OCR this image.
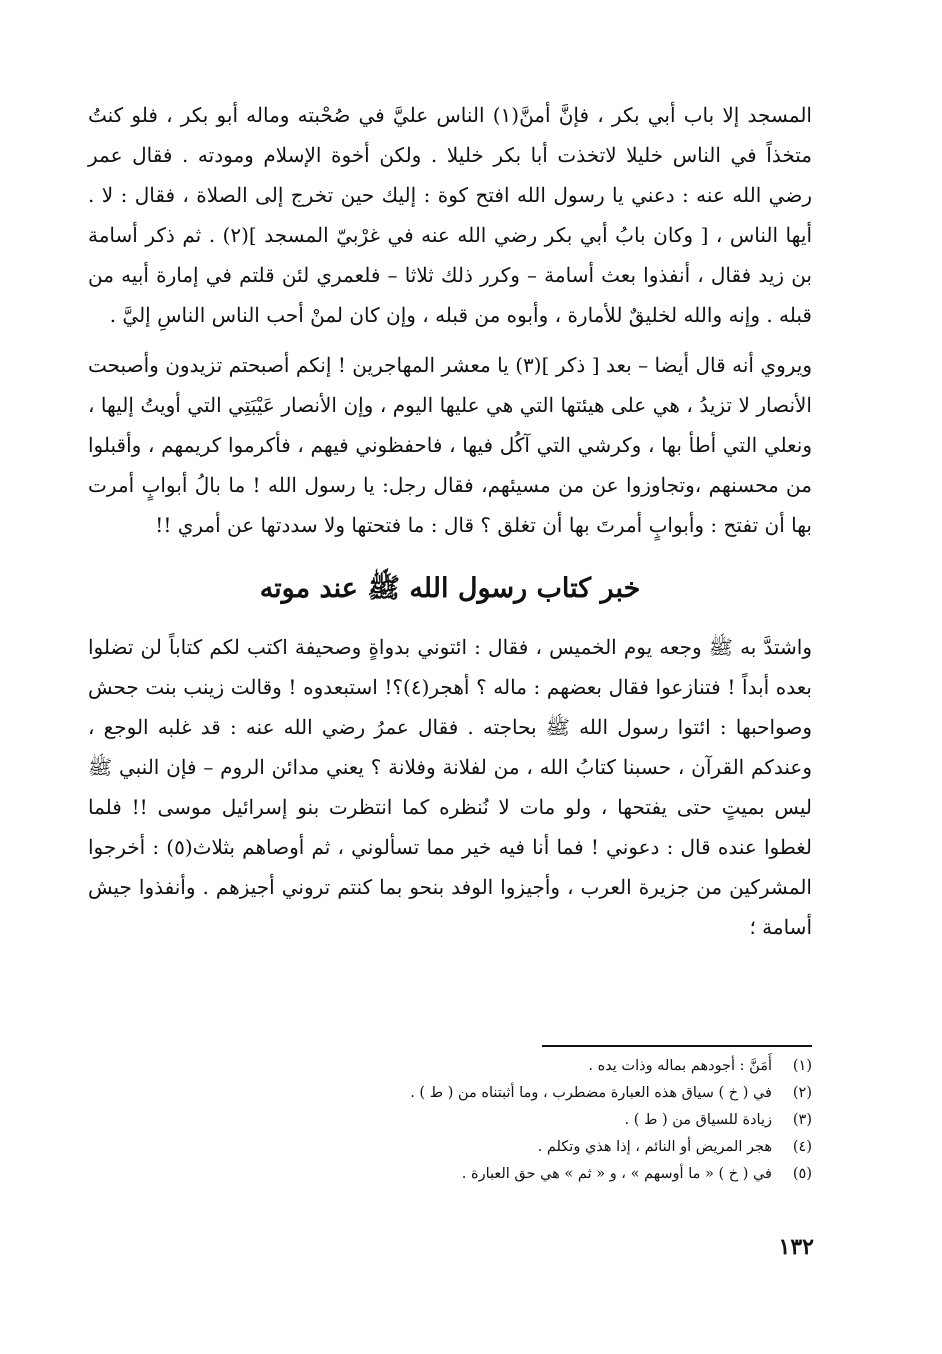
المسجد إلا باب أبي بكر ، فإنَّ أمنَّ(١) الناس عليَّ في صُحْبته وماله أبو بكر ، فلو كنتُ متخذاً في الناس خليلا لاتخذت أبا بكر خليلا . ولكن أخوة الإسلام ومودته . فقال عمر رضي الله عنه : دعني يا رسول الله افتح كوة : إليك حين تخرج إلى الصلاة ، فقال : لا . أيها الناس ، [ وكان بابُ أبي بكر رضي الله عنه في غرْبيّ المسجد ](٢) . ثم ذكر أسامة بن زيد فقال ، أنفذوا بعث أسامة – وكرر ذلك ثلاثا – فلعمري لئن قلتم في إمارة أبيه من قبله . وإنه والله لخليقٌ للأمارة ، وأبوه من قبله ، وإن كان لمنْ أحب الناس الناسِ إليَّ .

ويروي أنه قال أيضا – بعد [ ذكر ](٣) يا معشر المهاجرين ! إنكم أصبحتم تزيدون وأصبحت الأنصار لا تزيدُ ، هي على هيئتها التي هي عليها اليوم ، وإن الأنصار عَيْبَتِي التي أويتُ إليها ، ونعلي التي أطأ بها ، وكرشي التي آكُل فيها ، فاحفظوني فيهم ، فأكرموا كريمهم ، وأقبلوا من محسنهم ،وتجاوزوا عن من مسيئهم، فقال رجل: يا رسول الله ! ما بالُ أبوابٍ أمرت بها أن تفتح : وأبوابٍ أمرتَ بها أن تغلق ؟ قال : ما فتحتها ولا سددتها عن أمري !!

خبر كتاب رسول الله ﷺ عند موته

واشتدَّ به ﷺ وجعه يوم الخميس ، فقال : ائتوني بدواةٍ وصحيفة اكتب لكم كتاباً لن تضلوا بعده أبداً ! فتنازعوا فقال بعضهم : ماله ؟ أهجر(٤)؟! استبعدوه ! وقالت زينب بنت جحش وصواحبها : ائتوا رسول الله ﷺ بحاجته . فقال عمرُ رضي الله عنه : قد غلبه الوجع ، وعندكم القرآن ، حسبنا كتابُ الله ، من لفلانة وفلانة ؟ يعني مدائن الروم – فإن النبي ﷺ ليس بميتٍ حتى يفتحها ، ولو مات لا نُنظره كما انتظرت بنو إسرائيل موسى !! فلما لغطوا عنده قال : دعوني ! فما أنا فيه خير مما تسألوني ، ثم أوصاهم بثلاث(٥) : أخرجوا المشركين من جزيرة العرب ، وأجيزوا الوفد بنحو بما كنتم تروني أجيزهم . وأنفذوا جيش أسامة ؛

(١)
أَمَنَّ : أجودهم بماله وذات يده .
(٢)
في ( خ ) سياق هذه العبارة مضطرب ، وما أثبتناه من ( ط ) .
(٣)
زيادة للسياق من ( ط ) .
(٤)
هجر المريض أو النائم ، إذا هذي وتكلم .
(٥)
في ( خ ) « ما أوسهم » ، و « ثم » هي حق العبارة .
١٣٢
